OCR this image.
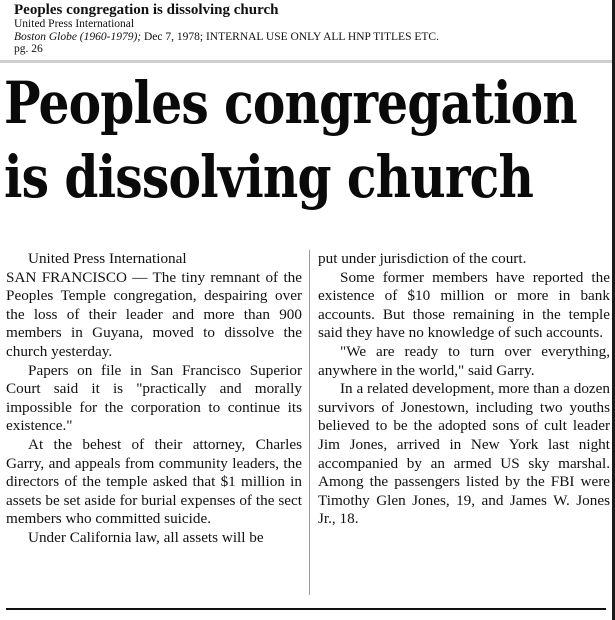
Peoples congregation is dissolving church
United Press International
Boston Globe (1960-1979); Dec 7, 1978; INTERNAL USE ONLY ALL HNP TITLES ETC.
pg. 26
Peoples congregation
is dissolving church

United Press International

SAN FRANCISCO — The tiny remnant of the Peoples Temple congregation, despairing over the loss of their leader and more than 900 members in Guyana, moved to dissolve the church yesterday.

Papers on file in San Francisco Superior Court said it is "practically and morally impossible for the corporation to continue its existence."

At the behest of their attorney, Charles Garry, and appeals from community leaders, the directors of the temple asked that $1 million in assets be set aside for burial expenses of the sect members who committed suicide.

Under California law, all assets will be

put under jurisdiction of the court.

Some former members have reported the existence of $10 million or more in bank accounts. But those remaining in the temple said they have no knowledge of such accounts.

"We are ready to turn over everything, anywhere in the world," said Garry.

In a related development, more than a dozen survivors of Jonestown, including two youths believed to be the adopted sons of cult leader Jim Jones, arrived in New York last night accompanied by an armed US sky marshal. Among the passengers listed by the FBI were Timothy Glen Jones, 19, and James W. Jones Jr., 18.
